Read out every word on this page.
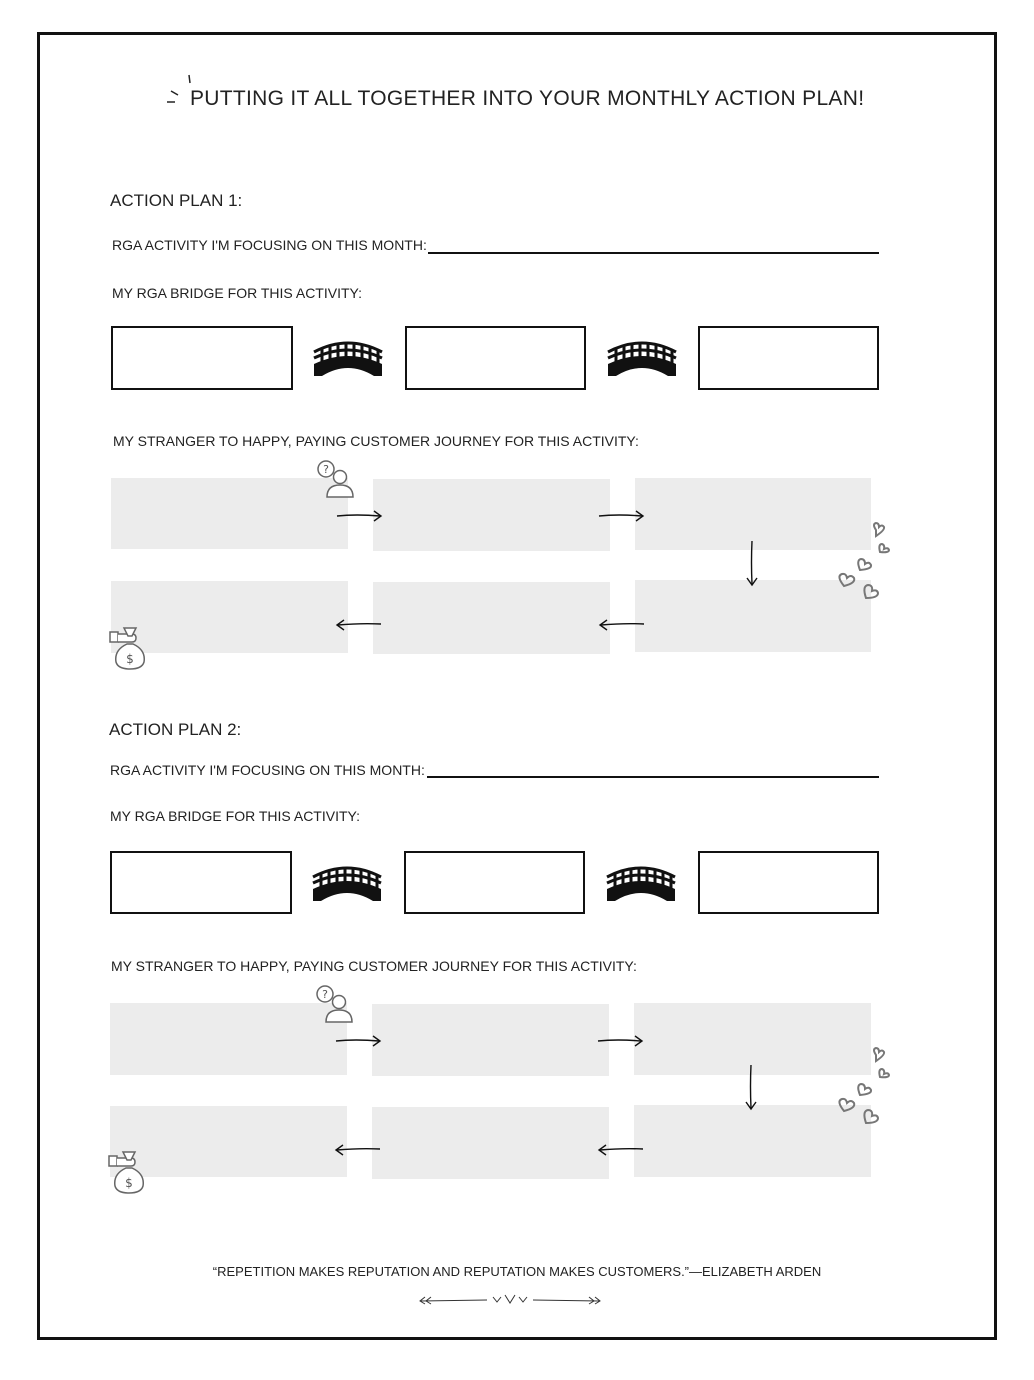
PUTTING IT ALL TOGETHER INTO YOUR MONTHLY ACTION PLAN!
ACTION PLAN 1:
RGA ACTIVITY I'M FOCUSING ON THIS MONTH:
MY RGA BRIDGE FOR THIS ACTIVITY:
MY STRANGER TO HAPPY, PAYING CUSTOMER JOURNEY FOR THIS ACTIVITY:
?
$
ACTION PLAN 2:
RGA ACTIVITY I'M FOCUSING ON THIS MONTH:
MY RGA BRIDGE FOR THIS ACTIVITY:
MY STRANGER TO HAPPY, PAYING CUSTOMER JOURNEY FOR THIS ACTIVITY:
?
$
“REPETITION MAKES REPUTATION AND REPUTATION MAKES CUSTOMERS.”—ELIZABETH ARDEN
